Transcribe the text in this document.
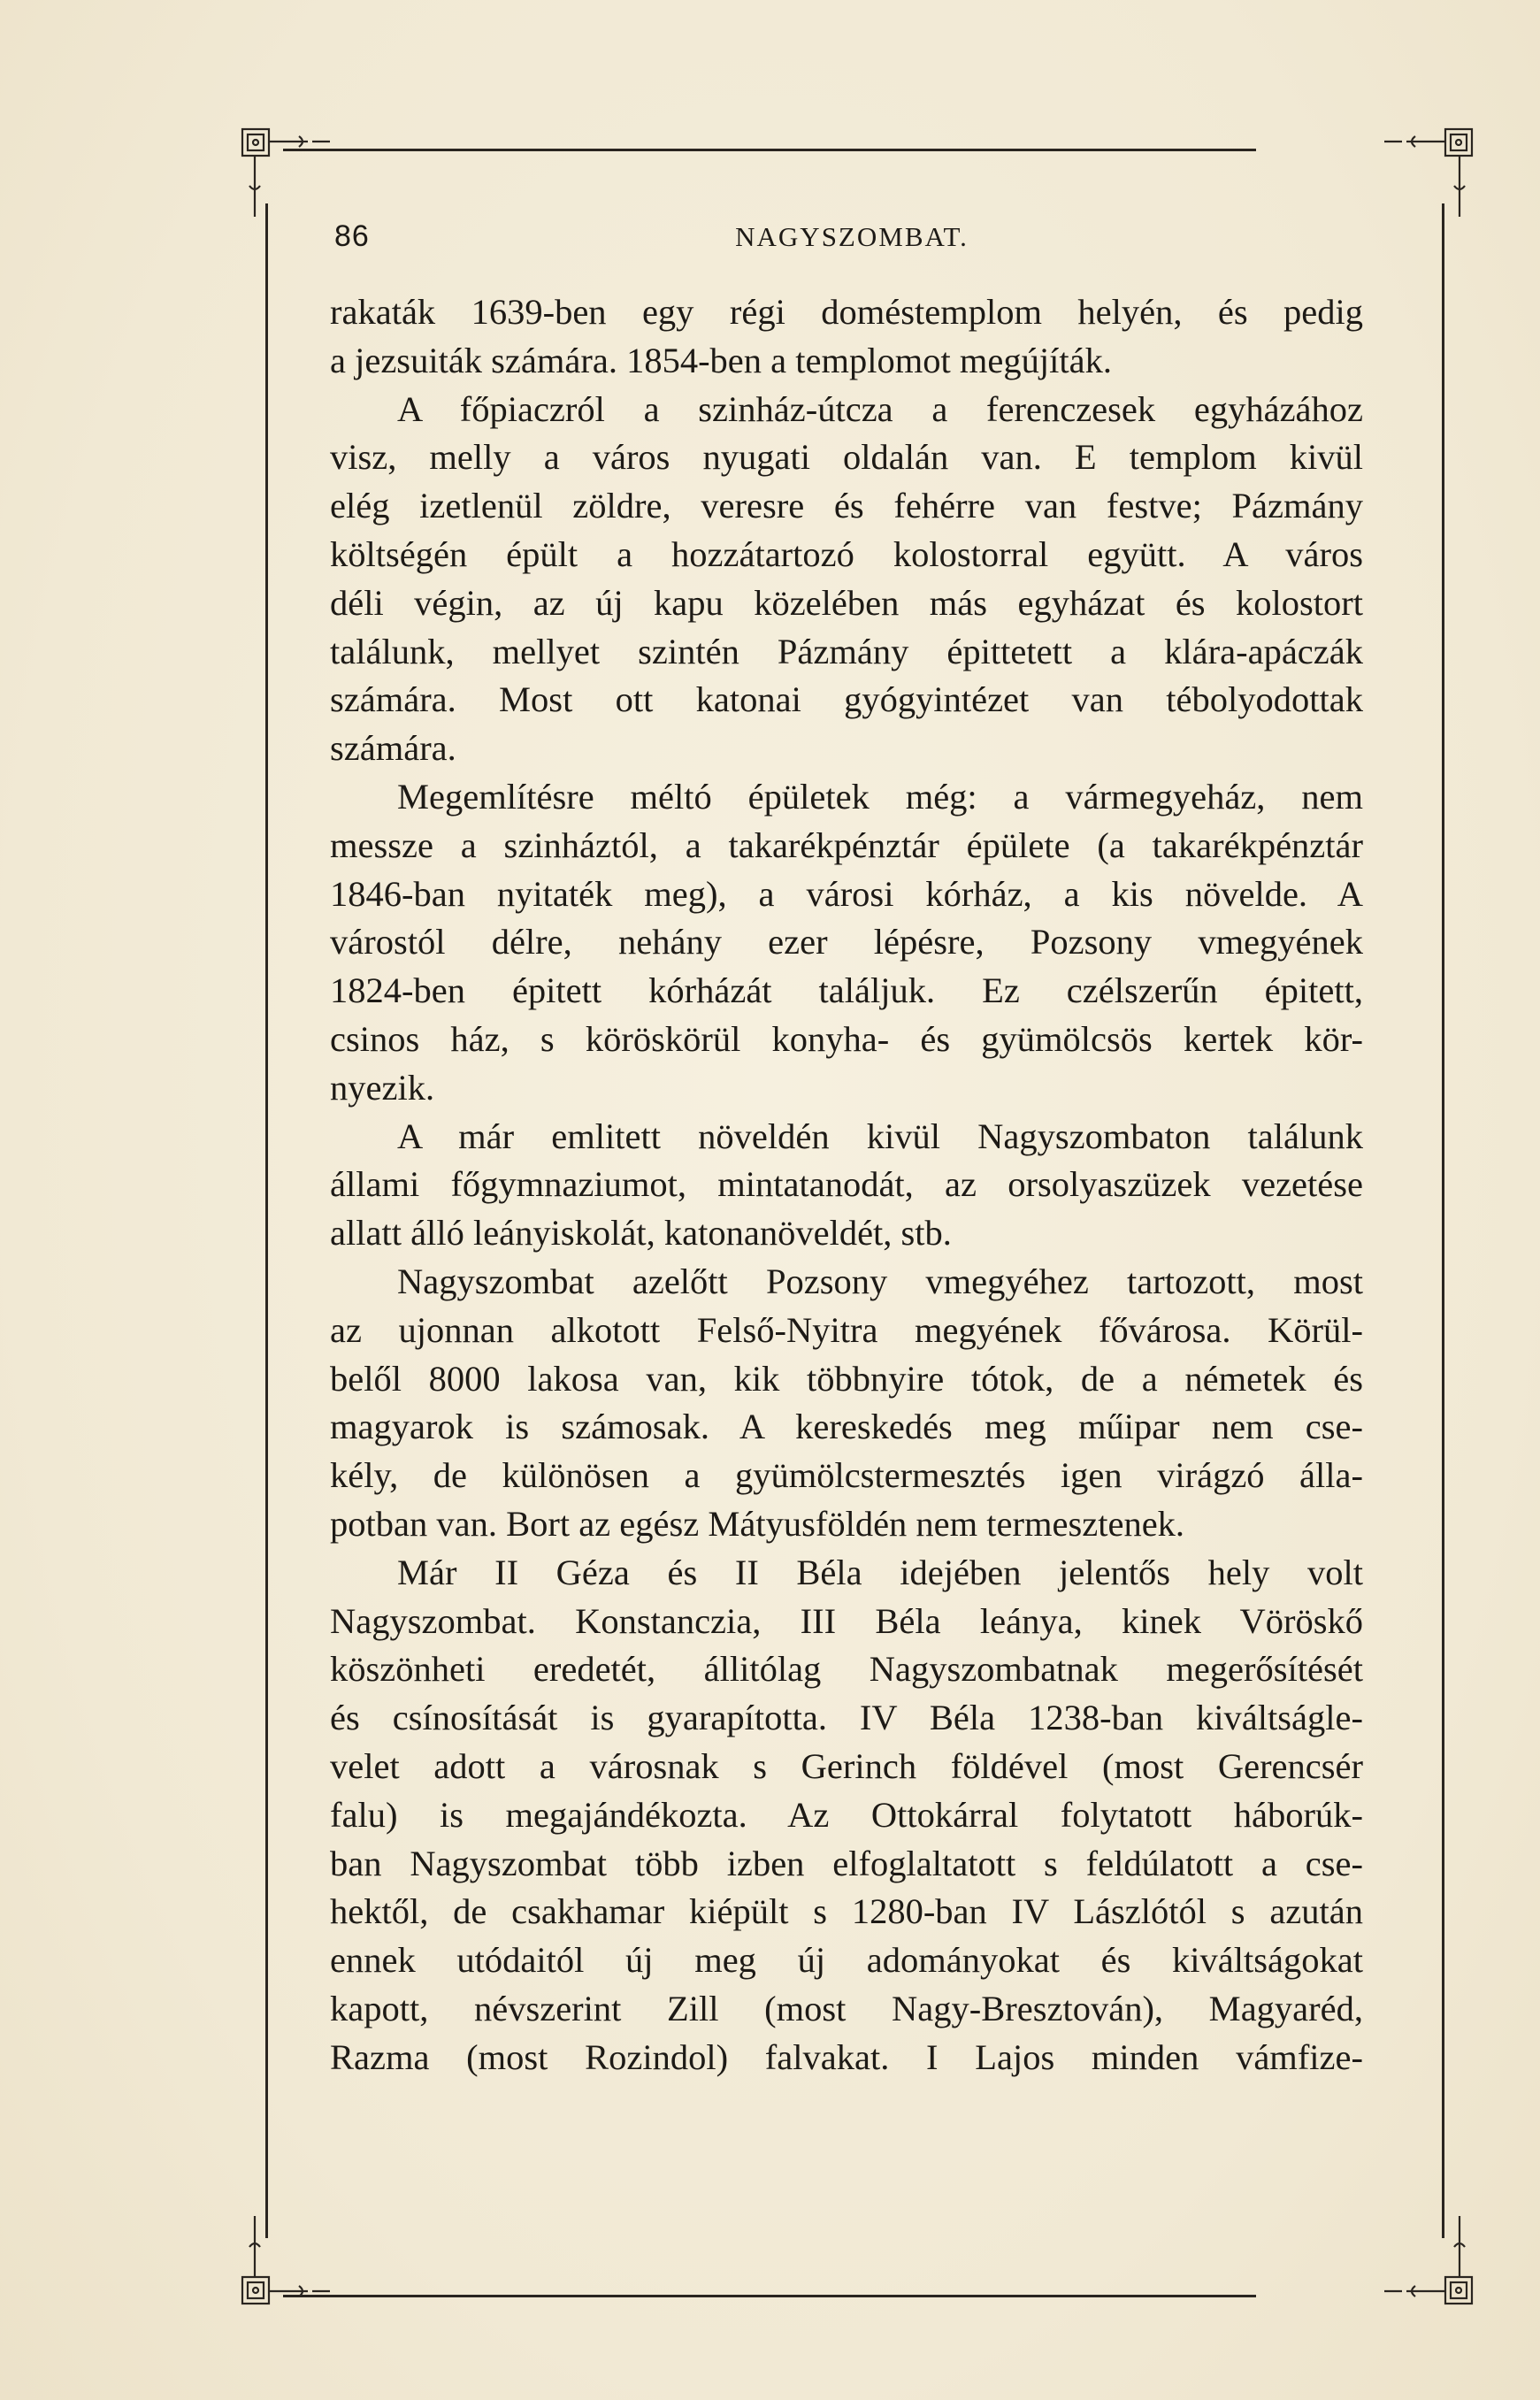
86	NAGYSZOMBAT.
rakaták 1639-ben egy régi doméstemplom helyén, és pedig
a jezsuiták számára. 1854-ben a templomot megújíták.
A főpiaczról a szinház-útcza a ferenczesek egyházához
visz, melly a város nyugati oldalán van. E templom kivül
elég izetlenül zöldre, veresre és fehérre van festve; Pázmány
költségén épült a hozzátartozó kolostorral együtt. A város
déli végin, az új kapu közelében más egyházat és kolostort
találunk, mellyet szintén Pázmány épittetett a klára-apáczák
számára. Most ott katonai gyógyintézet van tébolyodottak
számára.
Megemlítésre méltó épületek még: a vármegyeház, nem
messze a szinháztól, a takarékpénztár épülete (a takarékpénztár
1846-ban nyitaték meg), a városi kórház, a kis növelde. A
várostól délre, nehány ezer lépésre, Pozsony vmegyének
1824-ben épitett kórházát találjuk. Ez czélszerűn épitett,
csinos ház, s köröskörül konyha- és gyümölcsös kertek kör-
nyezik.
A már emlitett növeldén kivül Nagyszombaton találunk
állami főgymnaziumot, mintatanodát, az orsolyaszüzek vezetése
allatt álló leányiskolát, katonanöveldét, stb.
Nagyszombat azelőtt Pozsony vmegyéhez tartozott, most
az ujonnan alkotott Felső-Nyitra megyének fővárosa. Körül-
belől 8000 lakosa van, kik többnyire tótok, de a németek és
magyarok is számosak. A kereskedés meg műipar nem cse-
kély, de különösen a gyümölcstermesztés igen virágzó álla-
potban van. Bort az egész Mátyusföldén nem termesztenek.
Már II Géza és II Béla idejében jelentős hely volt
Nagyszombat. Konstanczia, III Béla leánya, kinek Vöröskő
köszönheti eredetét, állitólag Nagyszombatnak megerősítését
és csínosítását is gyarapította. IV Béla 1238-ban kiváltságle-
velet adott a városnak s Gerinch földével (most Gerencsér
falu) is megajándékozta. Az Ottokárral folytatott háborúk-
ban Nagyszombat több izben elfoglaltatott s feldúlatott a cse-
hektől, de csakhamar kiépült s 1280-ban IV Lászlótól s azután
ennek utódaitól új meg új adományokat és kiváltságokat
kapott, névszerint Zill (most Nagy-Bresztován), Magyaréd,
Razma (most Rozindol) falvakat. I Lajos minden vámfize-
